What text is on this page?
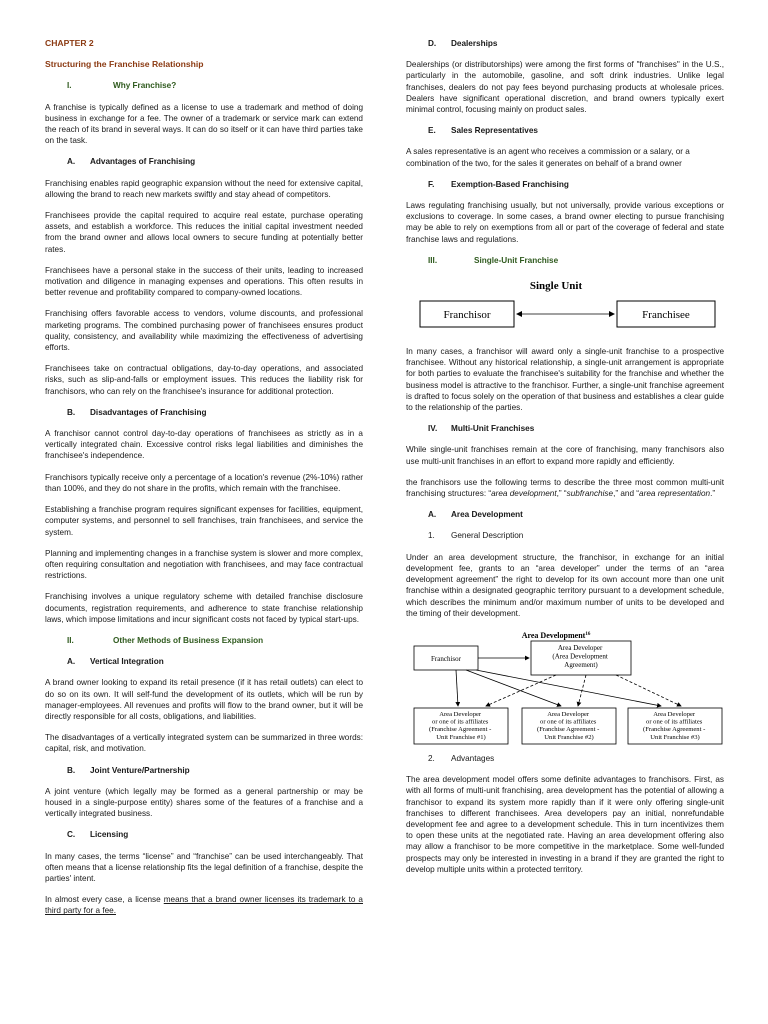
CHAPTER 2
Structuring the Franchise Relationship
I.	Why Franchise?

A franchise is typically defined as a license to use a trademark and method of doing business in exchange for a fee. The owner of a trademark or service mark can extend the reach of its brand in several ways. It can do so itself or it can have third parties take on the task.

A.	Advantages of Franchising

Franchising enables rapid geographic expansion without the need for extensive capital, allowing the brand to reach new markets swiftly and stay ahead of competitors.

Franchisees provide the capital required to acquire real estate, purchase operating assets, and establish a workforce. This reduces the initial capital investment needed from the brand owner and allows local owners to secure funding at potentially better rates.

Franchisees have a personal stake in the success of their units, leading to increased motivation and diligence in managing expenses and operations. This often results in better revenue and profitability compared to company-owned locations.

Franchising offers favorable access to vendors, volume discounts, and professional marketing programs. The combined purchasing power of franchisees ensures product quality, consistency, and availability while maximizing the effectiveness of advertising efforts.

Franchisees take on contractual obligations, day-to-day operations, and associated risks, such as slip-and-falls or employment issues. This reduces the liability risk for franchisors, who can rely on the franchisee's insurance for additional protection.

B.	Disadvantages of Franchising

A franchisor cannot control day-to-day operations of franchisees as strictly as in a vertically integrated chain. Excessive control risks legal liabilities and diminishes the franchisee's independence.

Franchisors typically receive only a percentage of a location's revenue (2%-10%) rather than 100%, and they do not share in the profits, which remain with the franchisee.

Establishing a franchise program requires significant expenses for facilities, equipment, computer systems, and personnel to sell franchises, train franchisees, and service the system.

Planning and implementing changes in a franchise system is slower and more complex, often requiring consultation and negotiation with franchisees, and may face contractual restrictions.

Franchising involves a unique regulatory scheme with detailed franchise disclosure documents, registration requirements, and adherence to state franchise relationship laws, which impose limitations and incur significant costs not faced by typical start-ups.

II.	Other Methods of Business Expansion
A.	Vertical Integration

A brand owner looking to expand its retail presence (if it has retail outlets) can elect to do so on its own. It will self-fund the development of its outlets, which will be run by manager-employees. All revenues and profits will flow to the brand owner, but it will be directly responsible for all costs, obligations, and liabilities.

The disadvantages of a vertically integrated system can be summarized in three words: capital, risk, and motivation.

B.	Joint Venture/Partnership

A joint venture (which legally may be formed as a general partnership or may be housed in a single-purpose entity) shares some of the features of a franchise and a vertically integrated business.

C.	Licensing

In many cases, the terms “license” and “franchise” can be used interchangeably. That often means that a license relationship fits the legal definition of a franchise, despite the parties' intent.

In almost every case, a license means that a brand owner licenses its trademark to a third party for a fee.

D.	Dealerships

Dealerships (or distributorships) were among the first forms of "franchises" in the U.S., particularly in the automobile, gasoline, and soft drink industries. Unlike legal franchises, dealers do not pay fees beyond purchasing products at wholesale prices. Dealers have significant operational discretion, and brand owners typically exert minimal control, focusing mainly on product sales.

E.	Sales Representatives

A sales representative is an agent who receives a commission or a salary, or a combination of the two, for the sales it generates on behalf of a brand owner

F.	Exemption-Based Franchising

Laws regulating franchising usually, but not universally, provide various exceptions or exclusions to coverage. In some cases, a brand owner electing to pursue franchising may be able to rely on exemptions from all or part of the coverage of federal and state franchise laws and regulations.

III.	Single-Unit Franchise
Single Unit
Franchisor	Franchisee

In many cases, a franchisor will award only a single-unit franchise to a prospective franchisee. Without any historical relationship, a single-unit arrangement is appropriate for both parties to evaluate the franchisee's suitability for the franchise and whether the business model is attractive to the franchisor. Further, a single-unit franchise agreement is drafted to focus solely on the operation of that business and establishes a clear guide to the relationship of the parties.

IV.	Multi-Unit Franchises

While single-unit franchises remain at the core of franchising, many franchisors also use multi-unit franchises in an effort to expand more rapidly and efficiently.

the franchisors use the following terms to describe the three most common multi-unit franchising structures: “area development,” “subfranchise,” and “area representation.”

A.	Area Development
1.	General Description

Under an area development structure, the franchisor, in exchange for an initial development fee, grants to an “area developer” under the terms of an “area development agreement” the right to develop for its own account more than one unit franchise within a designated geographic territory pursuant to a development schedule, which describes the minimum and/or maximum number of units to be developed and the timing of their development.

Area Development$^{16}$
Franchisor
Area Developer (Area Development Agreement)
Area Developer or one of its affiliates (Franchise Agreement - Unit Franchise #1)
Area Developer or one of its affiliates (Franchise Agreement - Unit Franchise #2)
Area Developer or one of its affiliates (Franchise Agreement - Unit Franchise #3)
2.	Advantages

The area development model offers some definite advantages to franchisors. First, as with all forms of multi-unit franchising, area development has the potential of allowing a franchisor to expand its system more rapidly than if it were only offering single-unit franchises to different franchisees. Area developers pay an initial, nonrefundable development fee and agree to a development schedule. This in turn incentivizes them to open these units at the negotiated rate. Having an area development offering also may allow a franchisor to be more competitive in the marketplace. Some well-funded prospects may only be interested in investing in a brand if they are granted the right to develop multiple units within a protected territory.
